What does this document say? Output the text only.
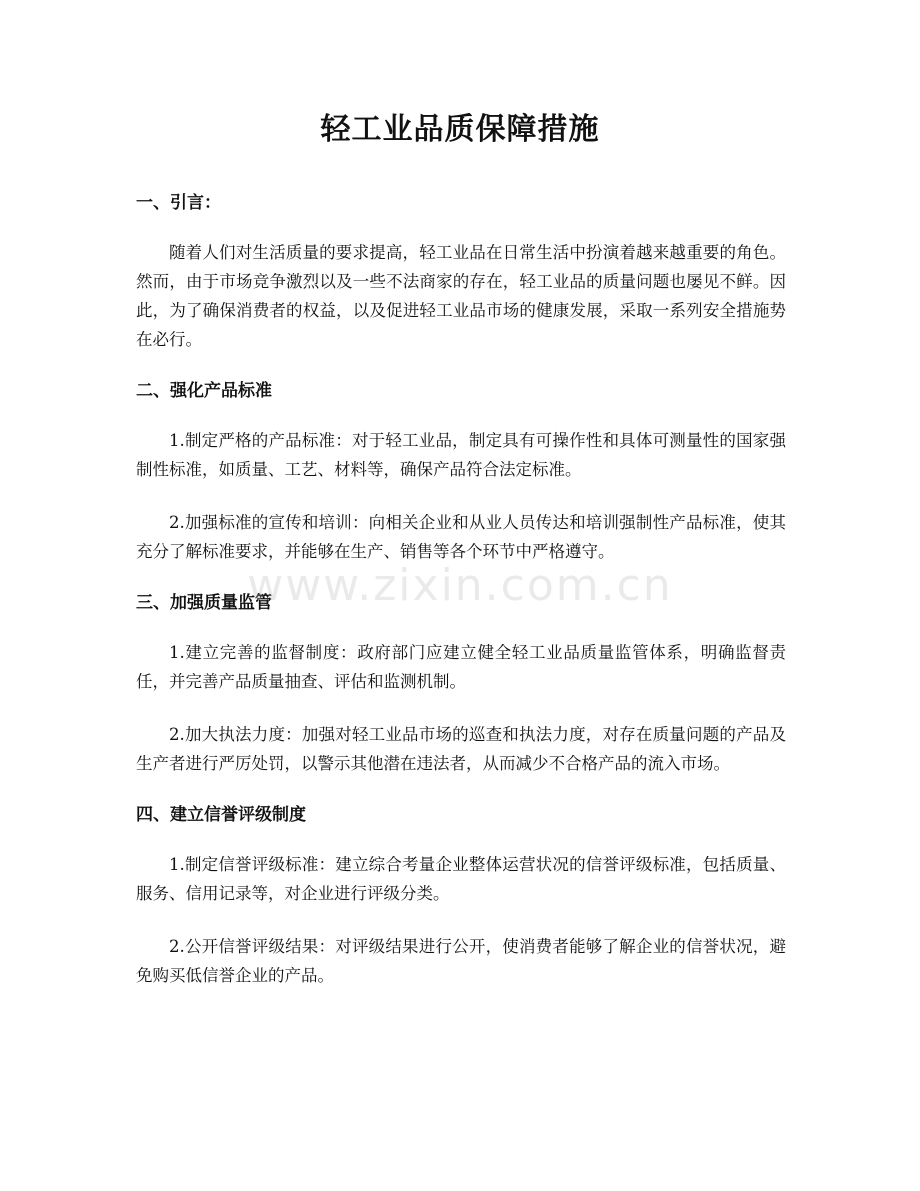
轻工业品质保障措施
一、引言：

随着人们对生活质量的要求提高，轻工业品在日常生活中扮演着越来越重要的角色。然而，由于市场竞争激烈以及一些不法商家的存在，轻工业品的质量问题也屡见不鲜。因此，为了确保消费者的权益，以及促进轻工业品市场的健康发展，采取一系列安全措施势在必行。

二、强化产品标准

1.制定严格的产品标准：对于轻工业品，制定具有可操作性和具体可测量性的国家强制性标准，如质量、工艺、材料等，确保产品符合法定标准。

2.加强标准的宣传和培训：向相关企业和从业人员传达和培训强制性产品标准，使其充分了解标准要求，并能够在生产、销售等各个环节中严格遵守。

三、加强质量监管

1.建立完善的监督制度：政府部门应建立健全轻工业品质量监管体系，明确监督责任，并完善产品质量抽查、评估和监测机制。

2.加大执法力度：加强对轻工业品市场的巡查和执法力度，对存在质量问题的产品及生产者进行严厉处罚，以警示其他潜在违法者，从而减少不合格产品的流入市场。

四、建立信誉评级制度

1.制定信誉评级标准：建立综合考量企业整体运营状况的信誉评级标准，包括质量、服务、信用记录等，对企业进行评级分类。

2.公开信誉评级结果：对评级结果进行公开，使消费者能够了解企业的信誉状况，避免购买低信誉企业的产品。

www.zixin.com.cn
